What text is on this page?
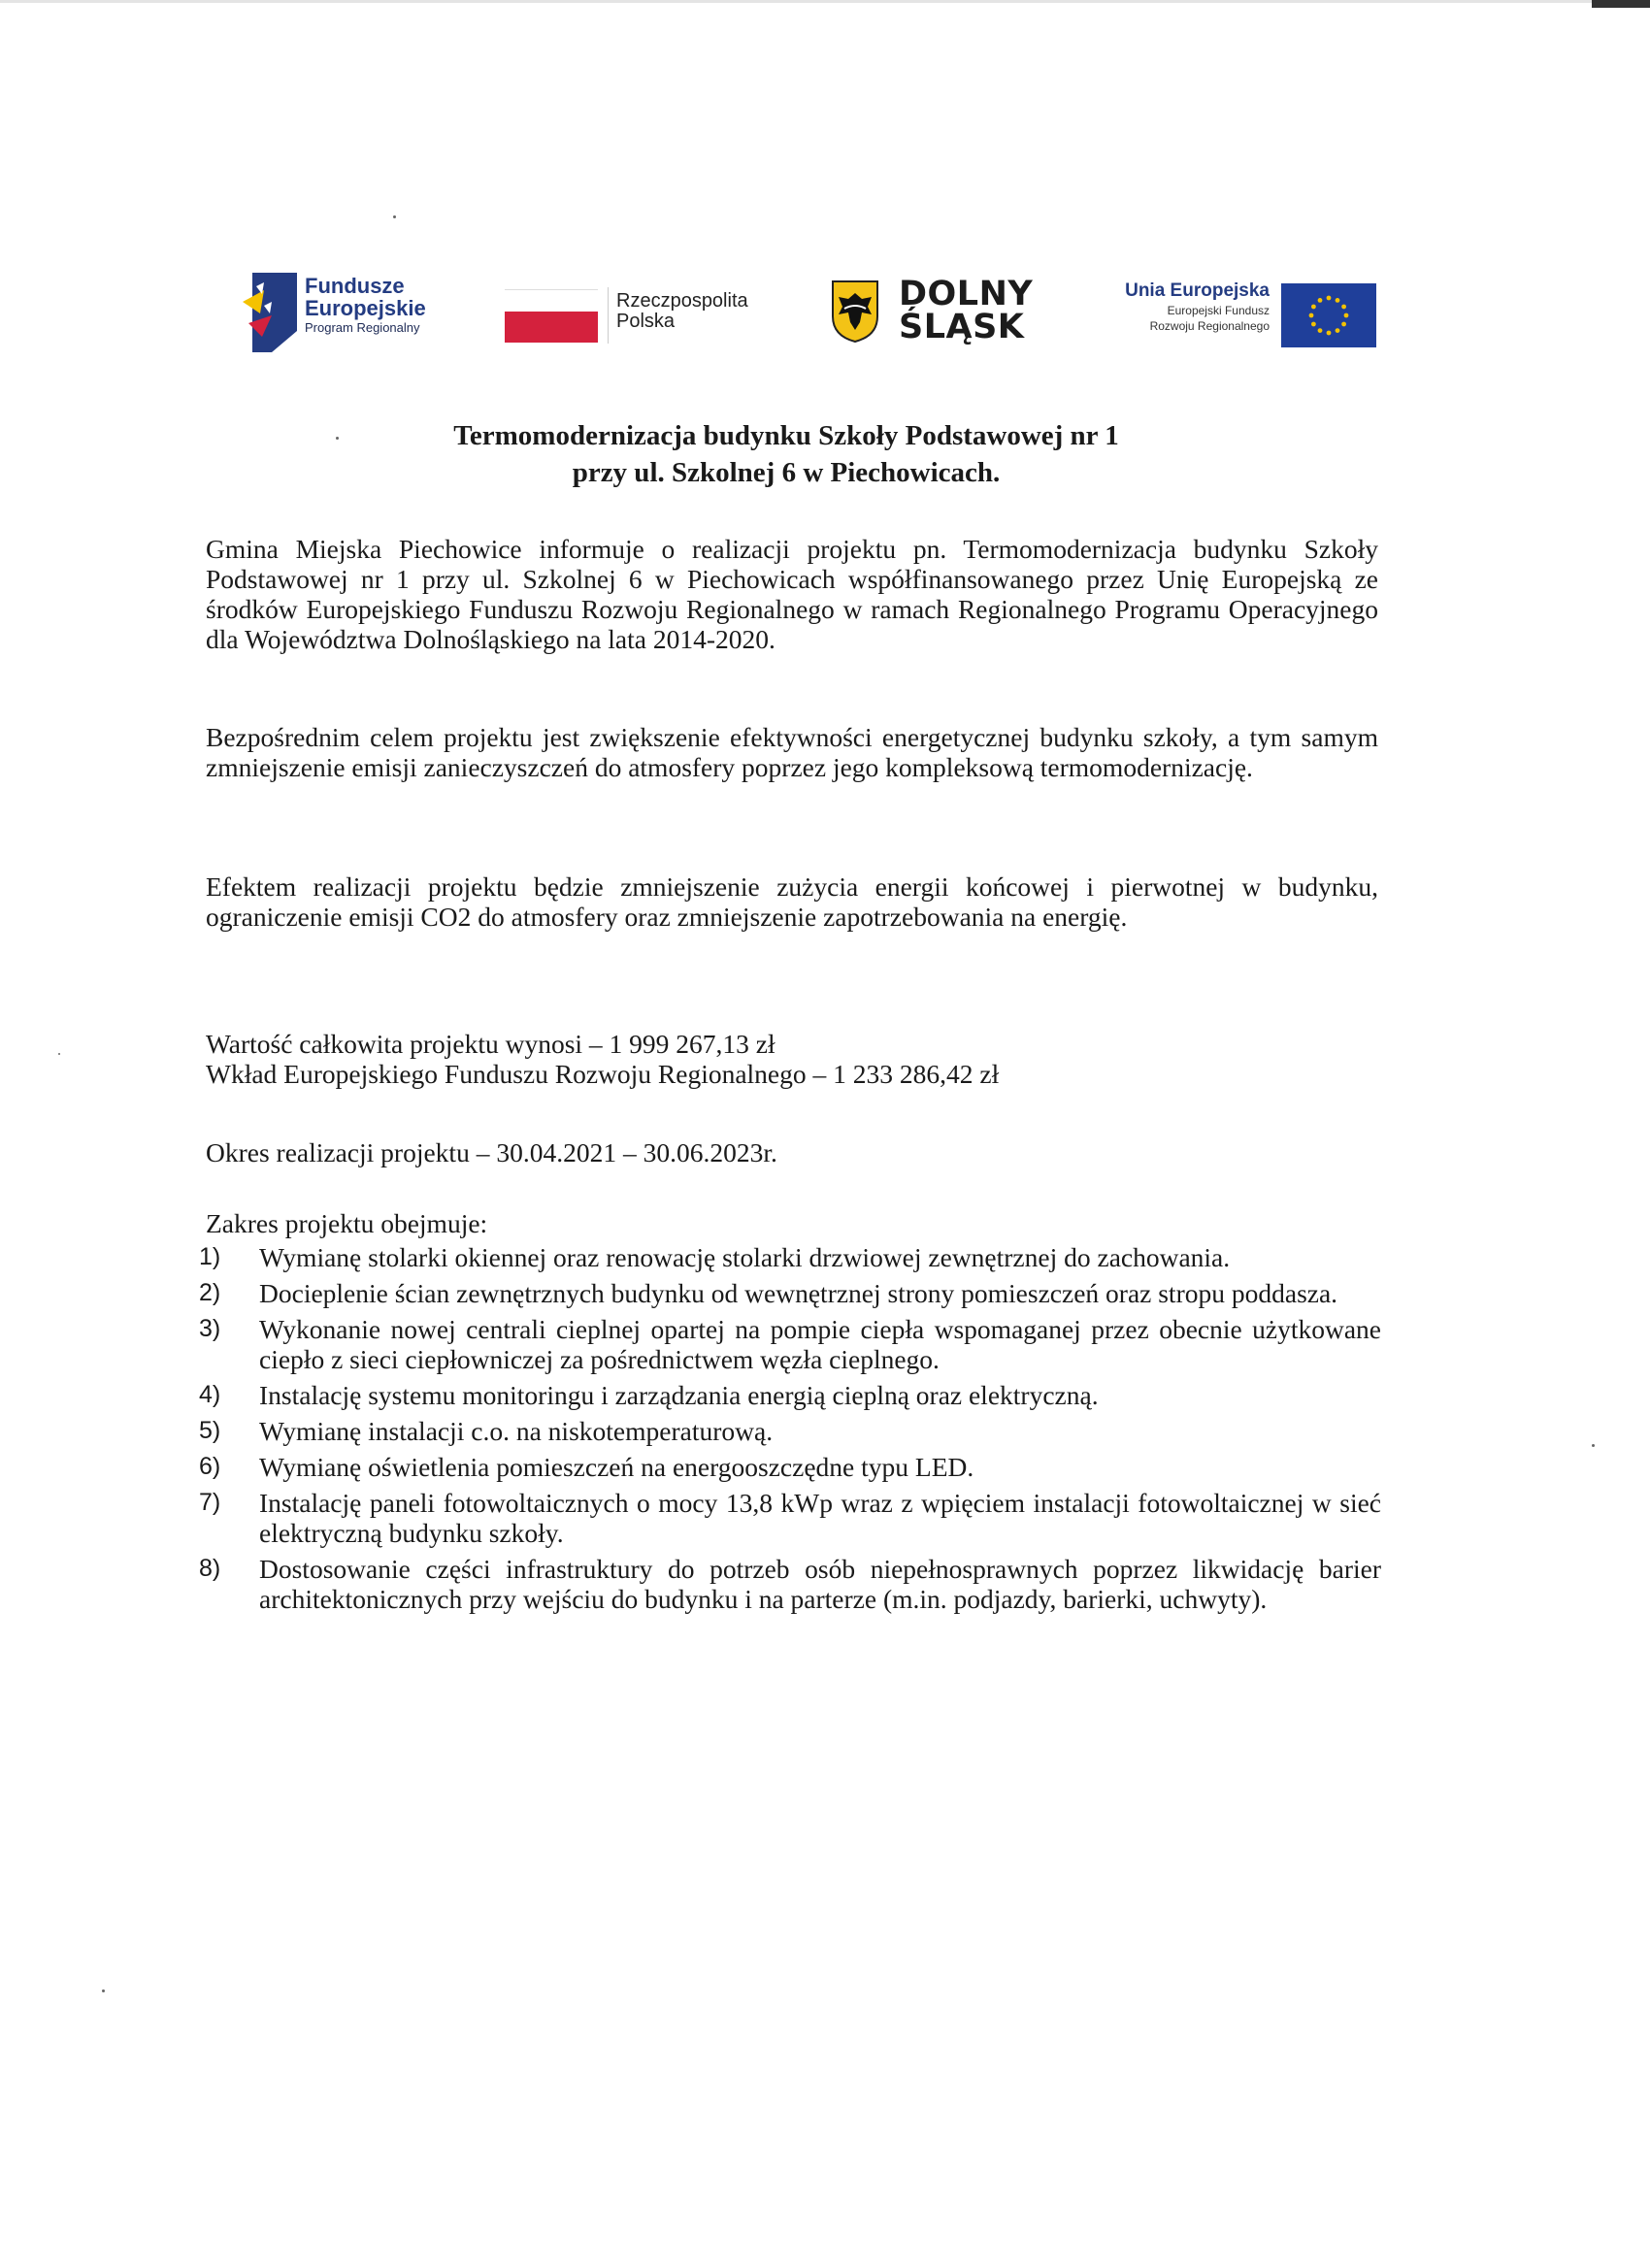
Fundusze
Europejskie
Program Regionalny
Rzeczpospolita
Polska
DOLNY
ŚLĄSK
Unia Europejska
Europejski Fundusz
Rozwoju Regionalnego
Termomodernizacja budynku Szkoły Podstawowej nr 1
przy ul. Szkolnej 6 w Piechowicach.
Gmina Miejska Piechowice informuje o realizacji projektu pn. Termomodernizacja budynku Szkoły Podstawowej nr 1 przy ul. Szkolnej 6 w Piechowicach współfinansowanego przez Unię Europejską ze środków Europejskiego Funduszu Rozwoju Regionalnego w ramach Regionalnego Programu Operacyjnego dla Województwa Dolnośląskiego na lata 2014-2020.
Bezpośrednim celem projektu jest zwiększenie efektywności energetycznej budynku szkoły, a tym samym zmniejszenie emisji zanieczyszczeń do atmosfery poprzez jego kompleksową termomodernizację.
Efektem realizacji projektu będzie zmniejszenie zużycia energii końcowej i pierwotnej w budynku, ograniczenie emisji CO2 do atmosfery oraz zmniejszenie zapotrzebowania na energię.
Wartość całkowita projektu wynosi – 1 999 267,13 zł
Wkład Europejskiego Funduszu Rozwoju Regionalnego – 1 233 286,42 zł
Okres realizacji projektu – 30.04.2021 – 30.06.2023r.
Zakres projektu obejmuje:
1) Wymianę stolarki okiennej oraz renowację stolarki drzwiowej zewnętrznej do zachowania.
2) Docieplenie ścian zewnętrznych budynku od wewnętrznej strony pomieszczeń oraz stropu poddasza.
3) Wykonanie nowej centrali cieplnej opartej na pompie ciepła wspomaganej przez obecnie użytkowane ciepło z sieci ciepłowniczej za pośrednictwem węzła cieplnego.
4) Instalację systemu monitoringu i zarządzania energią cieplną oraz elektryczną.
5) Wymianę instalacji c.o. na niskotemperaturową.
6) Wymianę oświetlenia pomieszczeń na energooszczędne typu LED.
7) Instalację paneli fotowoltaicznych o mocy 13,8 kWp wraz z wpięciem instalacji fotowoltaicznej w sieć elektryczną budynku szkoły.
8) Dostosowanie części infrastruktury do potrzeb osób niepełnosprawnych poprzez likwidację barier architektonicznych przy wejściu do budynku i na parterze (m.in. podjazdy, barierki, uchwyty).
